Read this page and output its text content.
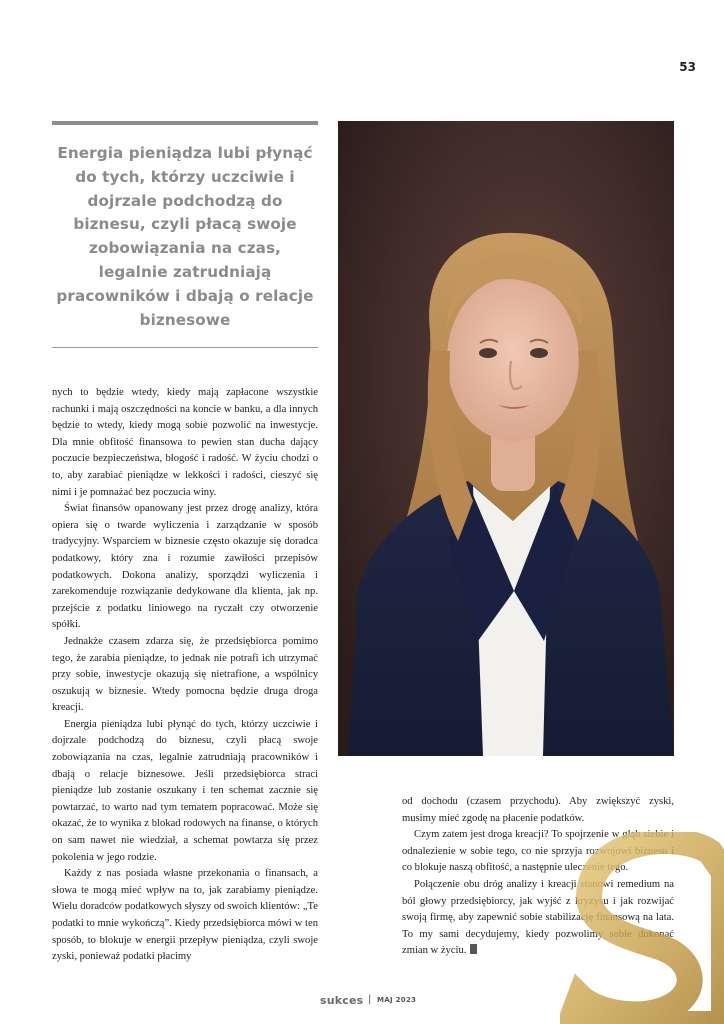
53
Energia pieniądza lubi płynąć do tych, którzy uczciwie i dojrzale podchodzą do biznesu, czyli płacą swoje zobowiązania na czas, legalnie zatrudniają pracowników i dbają o relacje biznesowe

nych to będzie wtedy, kiedy mają zapłacone wszystkie rachunki i mają oszczędności na koncie w banku, a dla innych będzie to wtedy, kiedy mogą sobie pozwolić na inwestycje. Dla mnie obfitość finansowa to pewien stan ducha dający poczucie bezpieczeństwa, błogość i radość. W życiu chodzi o to, aby zarabiać pieniądze w lekkości i radości, cieszyć się nimi i je pomnażać bez poczucia winy.

Świat finansów opanowany jest przez drogę analizy, która opiera się o twarde wyliczenia i zarządzanie w sposób tradycyjny. Wsparciem w biznesie często okazuje się doradca podatkowy, który zna i rozumie zawiłości przepisów podatkowych. Dokona analizy, sporządzi wyliczenia i zarekomenduje rozwiązanie dedykowane dla klienta, jak np. przejście z podatku liniowego na ryczałt czy otworzenie spółki.

Jednakże czasem zdarza się, że przedsiębiorca pomimo tego, że zarabia pieniądze, to jednak nie potrafi ich utrzymać przy sobie, inwestycje okazują się nietrafione, a wspólnicy oszukują w biznesie. Wtedy pomocna będzie druga droga kreacji.

Energia pieniądza lubi płynąć do tych, którzy uczciwie i dojrzale podchodzą do biznesu, czyli płacą swoje zobowiązania na czas, legalnie zatrudniają pracowników i dbają o relacje biznesowe. Jeśli przedsiębiorca straci pieniądze lub zostanie oszukany i ten schemat zacznie się powtarzać, to warto nad tym tematem popracować. Może się okazać, że to wynika z blokad rodowych na finanse, o których on sam nawet nie wiedział, a schemat powtarza się przez pokolenia w jego rodzie.

Każdy z nas posiada własne przekonania o finansach, a słowa te mogą mieć wpływ na to, jak zarabiamy pieniądze. Wielu doradców podatkowych słyszy od swoich klientów: „Te podatki to mnie wykończą”. Kiedy przedsiębiorca mówi w ten sposób, to blokuje w energii przepływ pieniądza, czyli swoje zyski, ponieważ podatki płacimy

od dochodu (czasem przychodu). Aby zwiększyć zyski, musimy mieć zgodę na płacenie podatków.

Czym zatem jest droga kreacji? To spojrzenie w głąb siebie i odnalezienie w sobie tego, co nie sprzyja rozwojowi biznesu i co blokuje naszą obfitość, a następnie uleczenie tego.

Połączenie obu dróg analizy i kreacji stanowi remedium na ból głowy przedsiębiorcy, jak wyjść z kryzysu i jak rozwijać swoją firmę, aby zapewnić sobie stabilizację finansową na lata. To my sami decydujemy, kiedy pozwolimy sobie dokonać zmian w życiu.

sukces | MAJ 2023
